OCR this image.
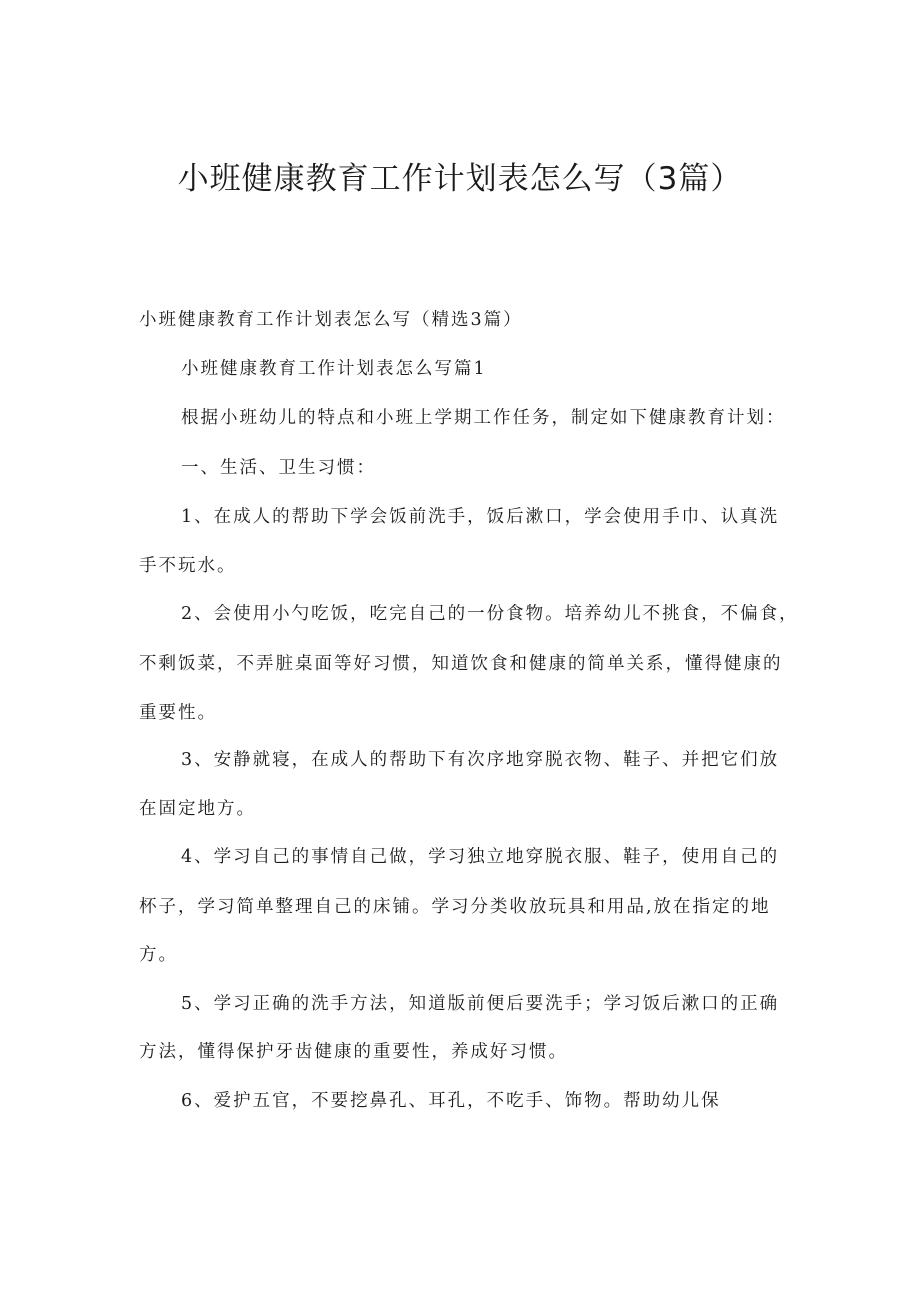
小班健康教育工作计划表怎么写（3篇）
小班健康教育工作计划表怎么写（精选3篇）
小班健康教育工作计划表怎么写篇1
根据小班幼儿的特点和小班上学期工作任务，制定如下健康教育计划：
一、生活、卫生习惯：
1、在成人的帮助下学会饭前洗手，饭后漱口，学会使用手巾、认真洗
手不玩水。
2、会使用小勺吃饭，吃完自己的一份食物。培养幼儿不挑食，不偏食，
不剩饭菜，不弄脏桌面等好习惯，知道饮食和健康的简单关系，懂得健康的
重要性。
3、安静就寝，在成人的帮助下有次序地穿脱衣物、鞋子、并把它们放
在固定地方。
4、学习自己的事情自己做，学习独立地穿脱衣服、鞋子，使用自己的
杯子，学习简单整理自己的床铺。学习分类收放玩具和用品,放在指定的地
方。
5、学习正确的洗手方法，知道版前便后要洗手；学习饭后漱口的正确
方法，懂得保护牙齿健康的重要性，养成好习惯。
6、爱护五官，不要挖鼻孔、耳孔，不吃手、饰物。帮助幼儿保
